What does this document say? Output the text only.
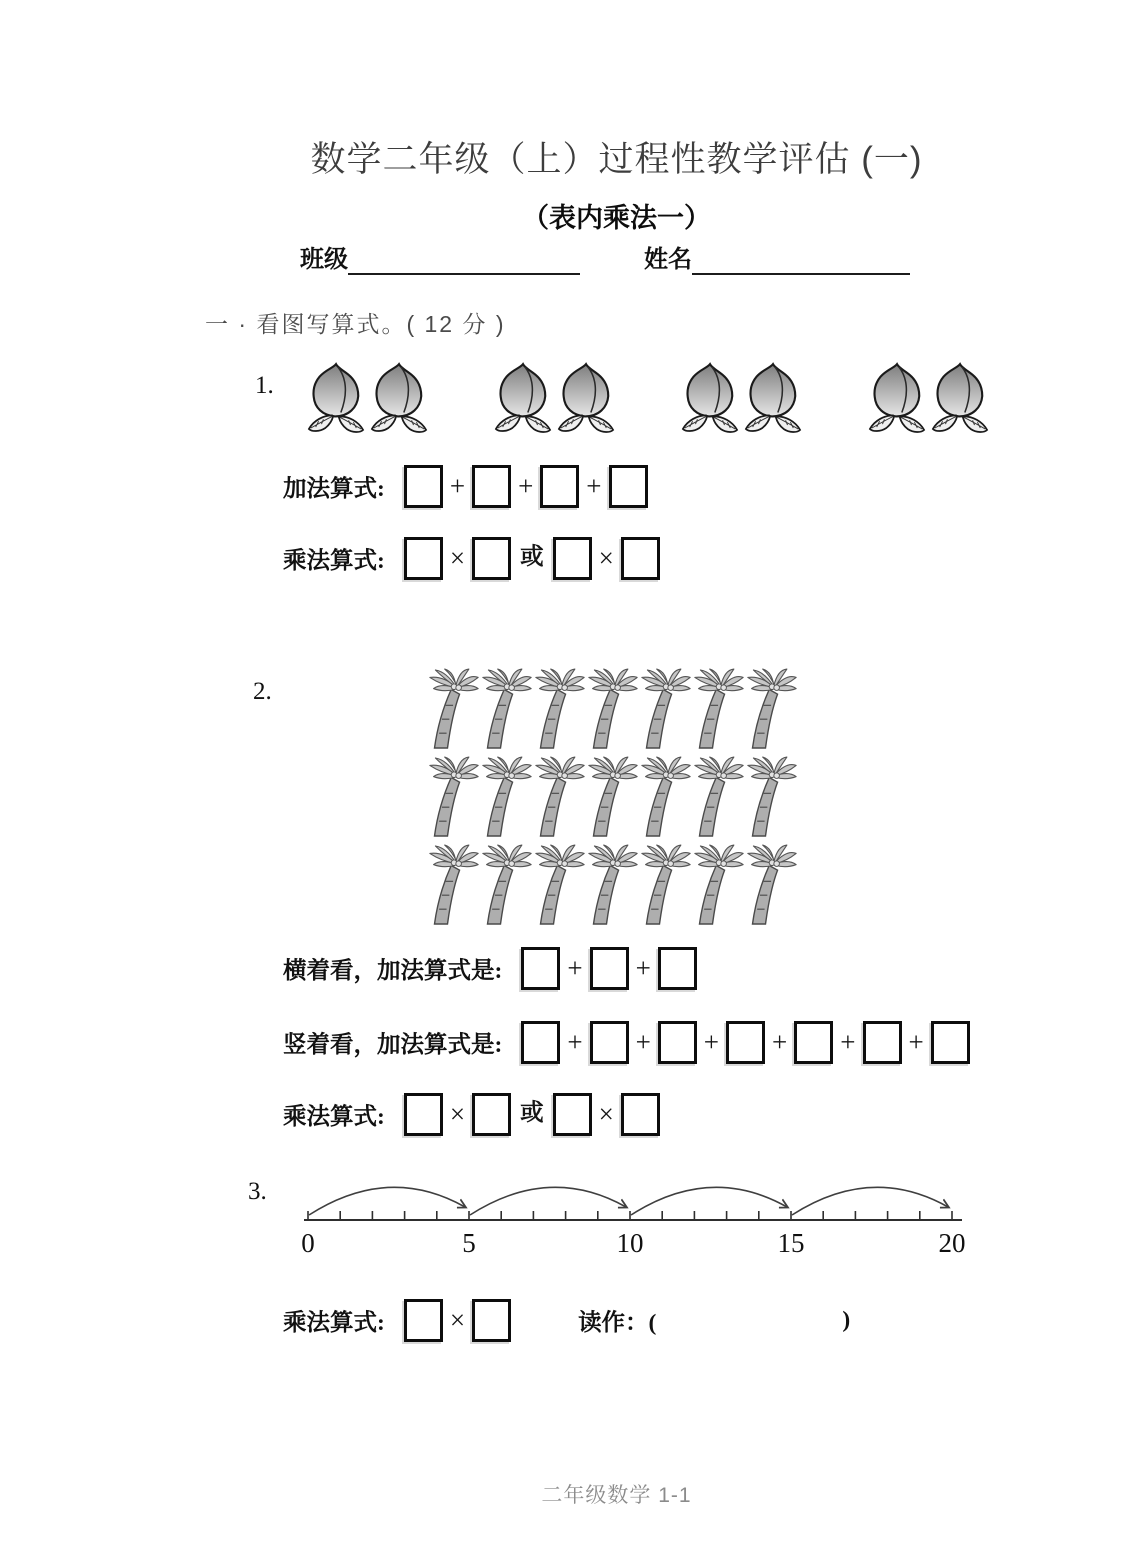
数学二年级（上）过程性教学评估 (一)
（表内乘法一）
班级	姓名
一 · 看图写算式。( 12 分 )
1.
加法算式: + + +
乘法算式: × 或 ×
2.
横着看，加法算式是: + +
竖着看，加法算式是: + + + + + +
乘法算式: × 或 ×
3.
0	5	10	15	20
乘法算式: ×	读作：(	)
二年级数学 1-1
